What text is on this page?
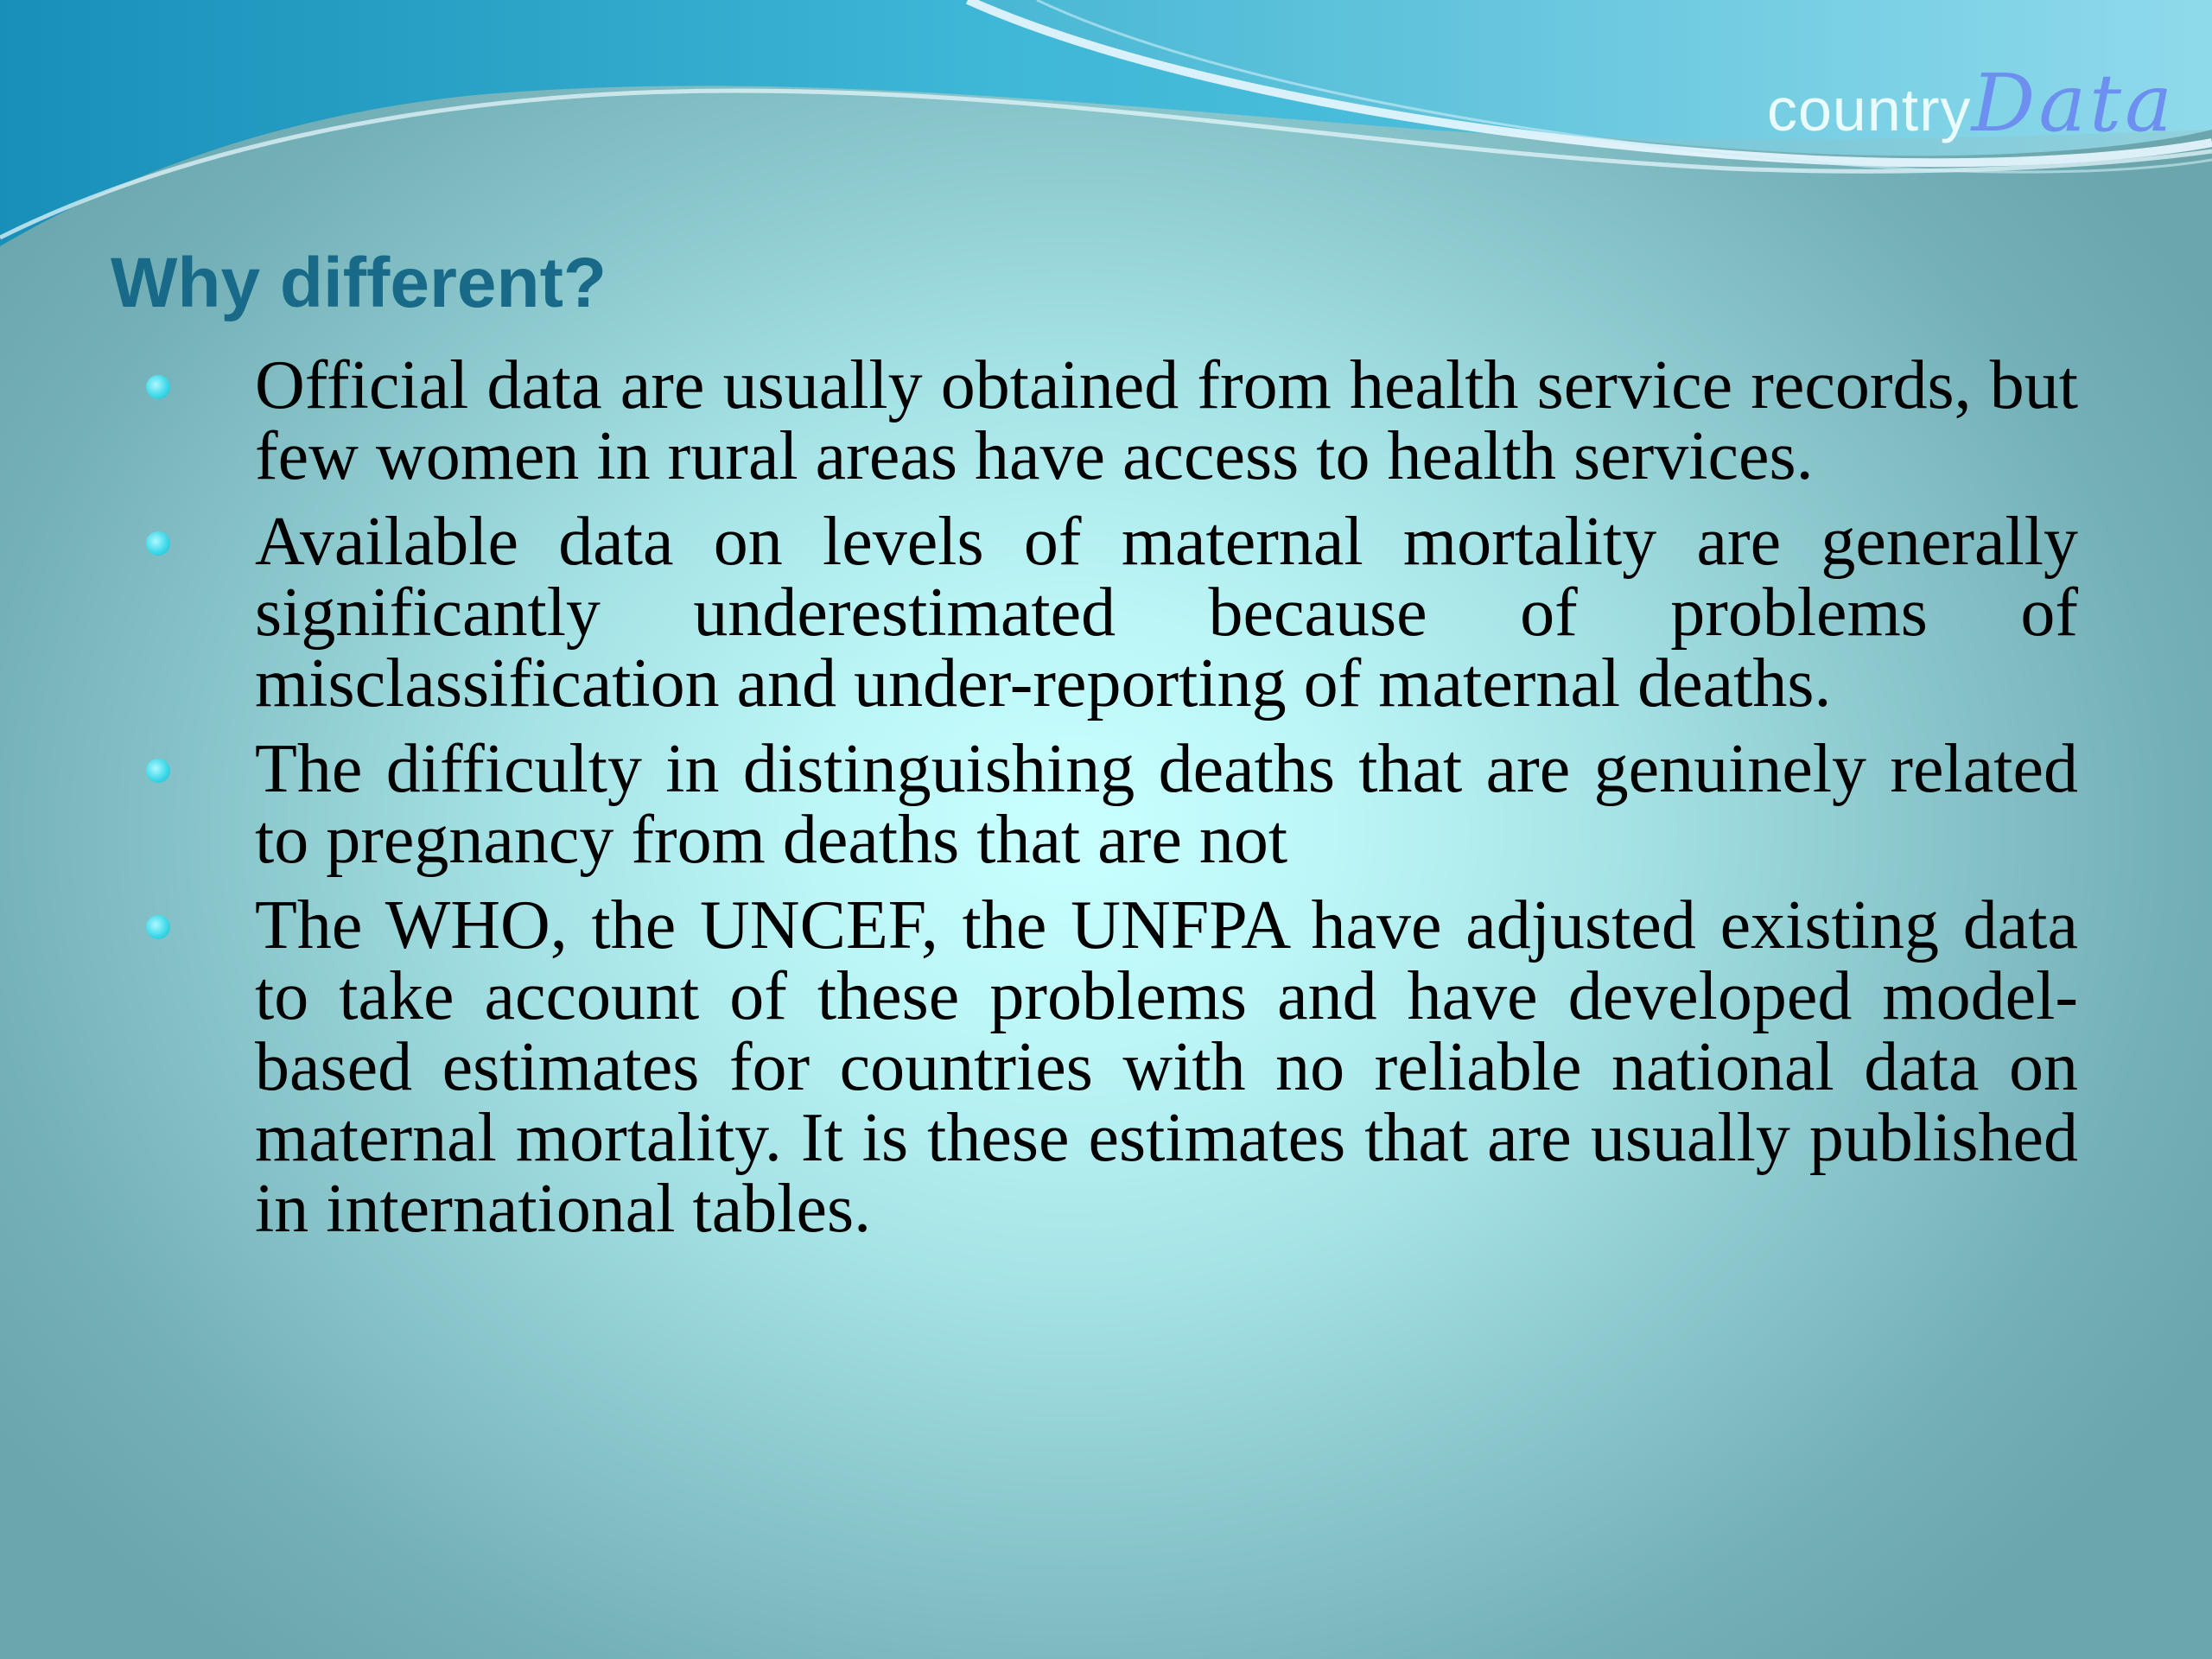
country Data
Why different?
Official data are usually obtained from health service records, but few women in rural areas have access to health services.
Available data on levels of maternal mortality are generally significantly underestimated because of problems of misclassification and under-reporting of maternal deaths.
The difficulty in distinguishing deaths that are genuinely related to pregnancy from deaths that are not
The WHO, the UNCEF, the UNFPA have adjusted existing data to take account of these problems and have developed model-based estimates for countries with no reliable national data on maternal mortality. It is these estimates that are usually published in international tables.
